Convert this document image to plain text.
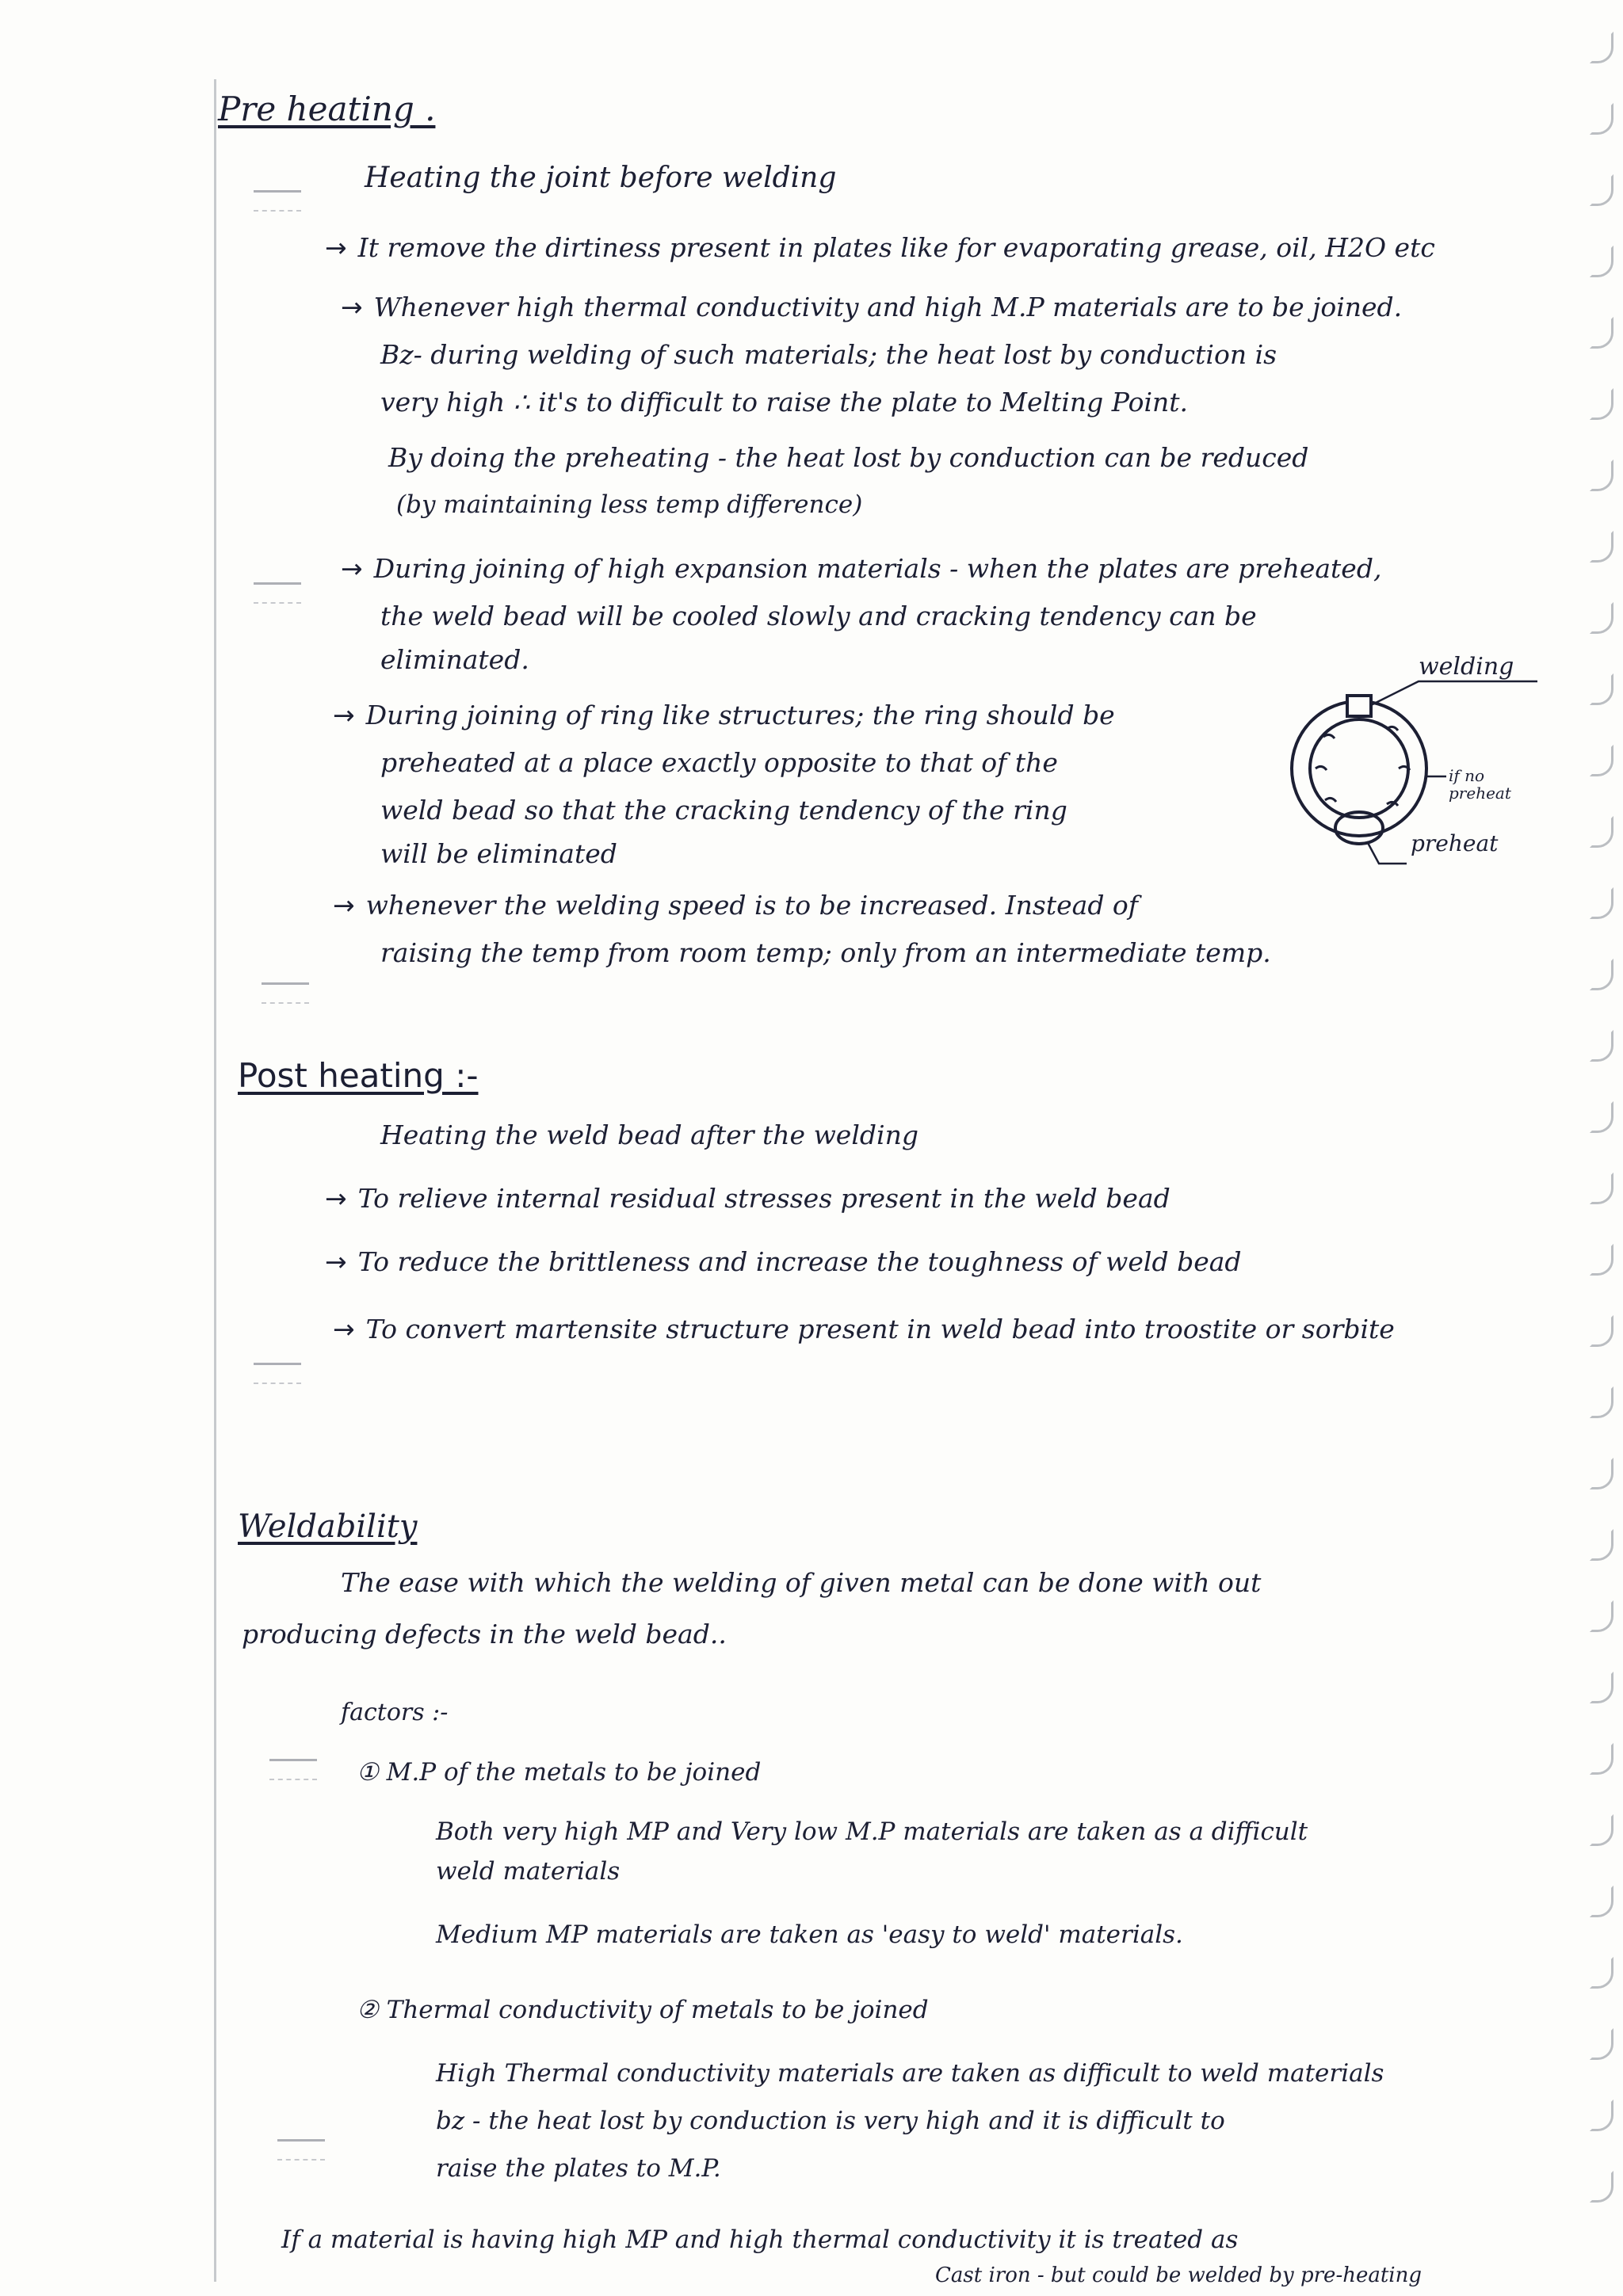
Pre heating .
Heating the joint before welding
→ It remove the dirtiness present in plates like for evaporating grease, oil, H2O etc
→ Whenever high thermal conductivity and high M.P materials are to be joined.
Bz- during welding of such materials; the heat lost by conduction is
very high ∴ it's to difficult to raise the plate to Melting Point.
By doing the preheating - the heat lost by conduction can be reduced
(by maintaining less temp difference)
→ During joining of high expansion materials - when the plates are preheated,
the weld bead will be cooled slowly and cracking tendency can be
eliminated.
→ During joining of ring like structures; the ring should be
preheated at a place exactly opposite to that of the
weld bead so that the cracking tendency of the ring
will be eliminated
welding
if no preheat
preheat
→ whenever the welding speed is to be increased. Instead of
raising the temp from room temp; only from an intermediate temp.
Post heating :-
Heating the weld bead after the welding
→ To relieve internal residual stresses present in the weld bead
→ To reduce the brittleness and increase the toughness of weld bead
→ To convert martensite structure present in weld bead into troostite or sorbite
Weldability
The ease with which the welding of given metal can be done with out
producing defects in the weld bead..
factors :-
① M.P of the metals to be joined
Both very high MP and Very low M.P materials are taken as a difficult
weld materials
Medium MP materials are taken as 'easy to weld' materials.
② Thermal conductivity of metals to be joined
High Thermal conductivity materials are taken as difficult to weld materials
bz - the heat lost by conduction is very high and it is difficult to
raise the plates to M.P.
If a material is having high MP and high thermal conductivity it is treated as
Cast iron - but could be welded by pre-heating
